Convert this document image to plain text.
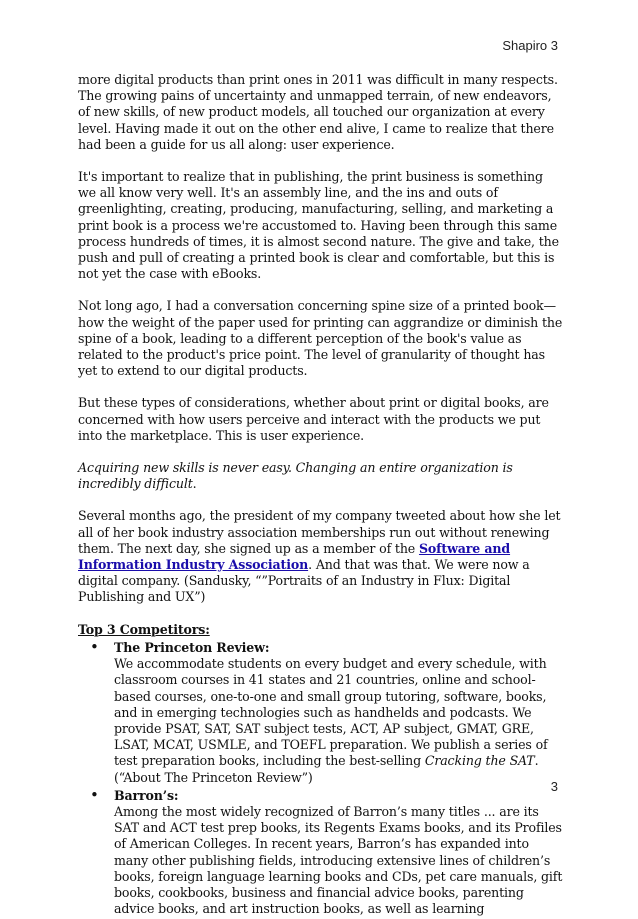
Shapiro 3

more digital products than print ones in 2011 was difficult in many respects. The growing pains of uncertainty and unmapped terrain, of new endeavors, of new skills, of new product models, all touched our organization at every level. Having made it out on the other end alive, I came to realize that there had been a guide for us all along: user experience.

It's important to realize that in publishing, the print business is something we all know very well. It's an assembly line, and the ins and outs of greenlighting, creating, producing, manufacturing, selling, and marketing a print book is a process we're accustomed to. Having been through this same process hundreds of times, it is almost second nature. The give and take, the push and pull of creating a printed book is clear and comfortable, but this is not yet the case with eBooks.

Not long ago, I had a conversation concerning spine size of a printed book—how the weight of the paper used for printing can aggrandize or diminish the spine of a book, leading to a different perception of the book's value as related to the product's price point. The level of granularity of thought has yet to extend to our digital products.

But these types of considerations, whether about print or digital books, are concerned with how users perceive and interact with the products we put into the marketplace. This is user experience.

Acquiring new skills is never easy. Changing an entire organization is incredibly difficult.

Several months ago, the president of my company tweeted about how she let all of her book industry association memberships run out without renewing them. The next day, she signed up as a member of the Software and Information Industry Association. And that was that. We were now a digital company. (Sandusky, “”Portraits of an Industry in Flux: Digital Publishing and UX”)

Top 3 Competitors:
• The Princeton Review:

We accommodate students on every budget and every schedule, with classroom courses in 41 states and 21 countries, online and school-based courses, one-to-one and small group tutoring, software, books, and in emerging technologies such as handhelds and podcasts. We provide PSAT, SAT, SAT subject tests, ACT, AP subject, GMAT, GRE, LSAT, MCAT, USMLE, and TOEFL preparation. We publish a series of test preparation books, including the best-selling Cracking the SAT. (“About The Princeton Review”)

• Barron’s:

Among the most widely recognized of Barron’s many titles ... are its SAT and ACT test prep books, its Regents Exams books, and its Profiles of American Colleges. In recent years, Barron’s has expanded into many other publishing fields, introducing extensive lines of children’s books, foreign language learning books and CDs, pet care manuals, gift books, cookbooks, business and financial advice books, parenting advice books, and art instruction books, as well as learning

3
